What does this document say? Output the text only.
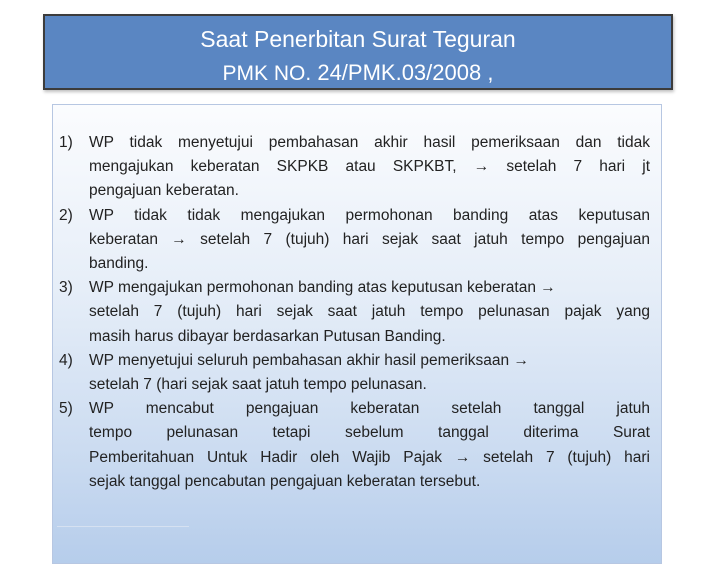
Saat Penerbitan Surat Teguran
PMK NO. 24/PMK.03/2008 ,
1) WP tidak menyetujui pembahasan akhir hasil pemeriksaan dan tidak
mengajukan keberatan SKPKB atau SKPKBT, → setelah 7 hari jt
pengajuan keberatan.
2) WP tidak tidak mengajukan permohonan banding atas keputusan
keberatan → setelah 7 (tujuh) hari sejak saat jatuh tempo pengajuan
banding.
3) WP mengajukan permohonan banding atas keputusan keberatan →
setelah 7 (tujuh) hari sejak saat jatuh tempo pelunasan pajak yang
masih harus dibayar berdasarkan Putusan Banding.
4) WP menyetujui seluruh pembahasan akhir hasil pemeriksaan →
setelah 7 (hari sejak saat jatuh tempo pelunasan.
5) WP mencabut pengajuan keberatan setelah tanggal jatuh
tempo pelunasan tetapi sebelum tanggal diterima Surat
Pemberitahuan Untuk Hadir oleh Wajib Pajak → setelah 7 (tujuh) hari
sejak tanggal pencabutan pengajuan keberatan tersebut.
